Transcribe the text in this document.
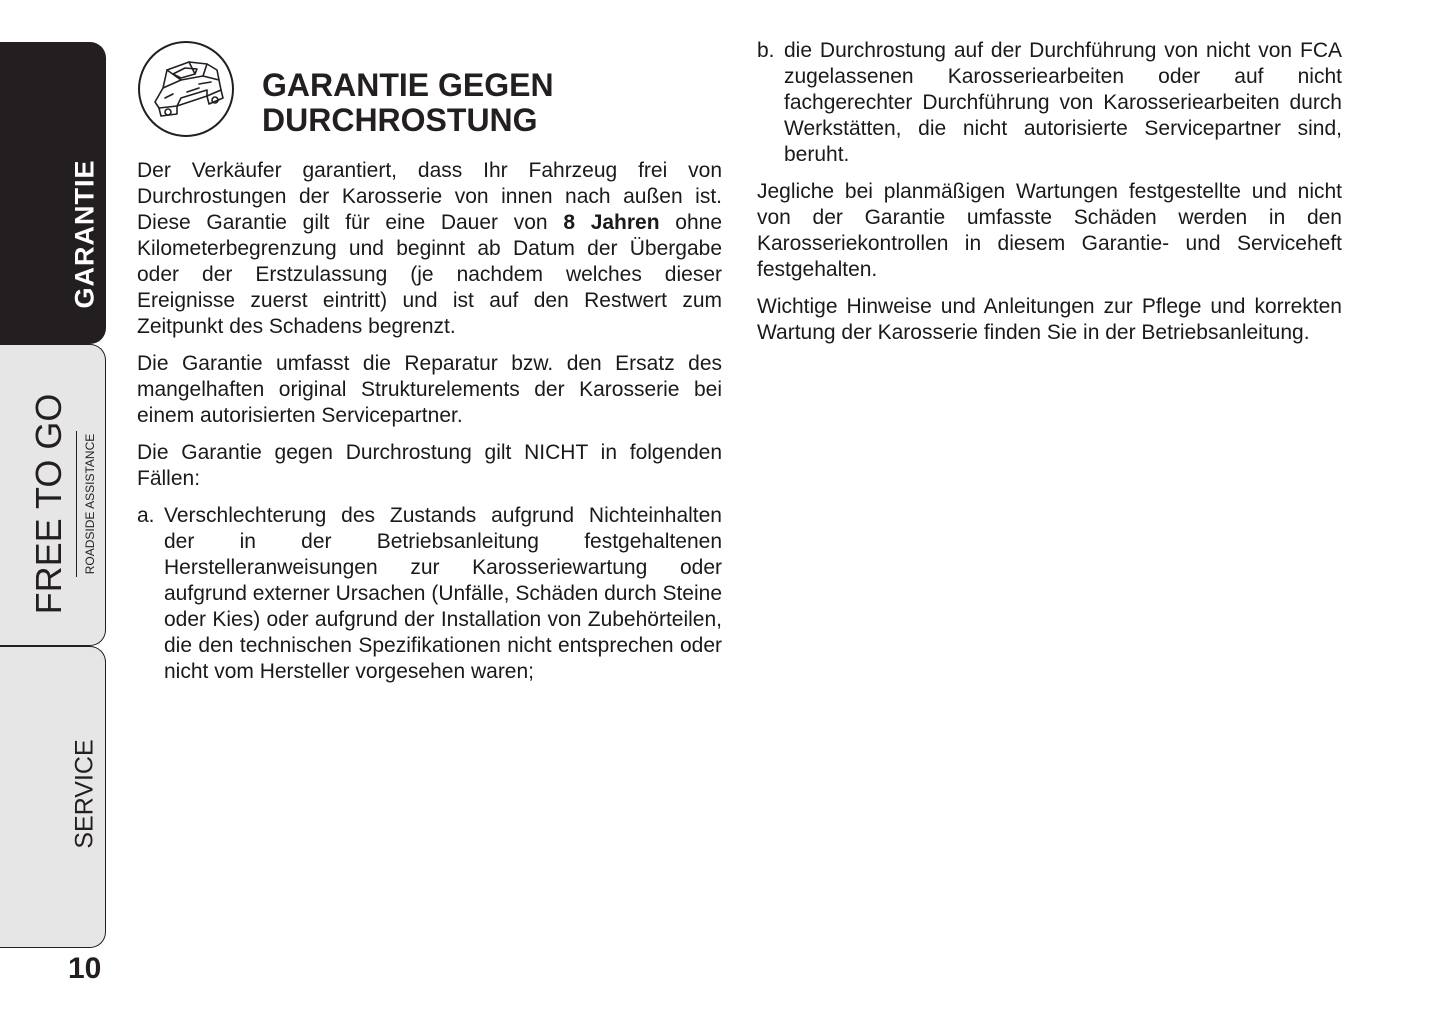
GARANTIE
FREE TO GO ROADSIDE ASSISTANCE
SERVICE
10
GARANTIE GEGEN
DURCHROSTUNG

Der Verkäufer garantiert, dass Ihr Fahrzeug frei von Durchrostungen der Karosserie von innen nach außen ist. Diese Garantie gilt für eine Dauer von 8 Jahren ohne Kilometerbegrenzung und beginnt ab Datum der Übergabe oder der Erstzulassung (je nachdem welches dieser Ereignisse zuerst eintritt) und ist auf den Restwert zum Zeitpunkt des Schadens begrenzt.

Die Garantie umfasst die Reparatur bzw. den Ersatz des mangelhaften original Strukturelements der Karosserie bei einem autorisierten Servicepartner.

Die Garantie gegen Durchrostung gilt NICHT in folgenden Fällen:

a. Verschlechterung des Zustands aufgrund Nichteinhalten der in der Betriebsanleitung festgehaltenen Herstelleranweisungen zur Karosseriewartung oder aufgrund externer Ursachen (Unfälle, Schäden durch Steine oder Kies) oder aufgrund der Installation von Zubehörteilen, die den technischen Spezifikationen nicht entsprechen oder nicht vom Hersteller vorgesehen waren;
b. die Durchrostung auf der Durchführung von nicht von FCA zugelassenen Karosseriearbeiten oder auf nicht fachgerechter Durchführung von Karosseriearbeiten durch Werkstätten, die nicht autorisierte Servicepartner sind, beruht.

Jegliche bei planmäßigen Wartungen festgestellte und nicht von der Garantie umfasste Schäden werden in den Karosseriekontrollen in diesem Garantie- und Serviceheft festgehalten.

Wichtige Hinweise und Anleitungen zur Pflege und korrekten Wartung der Karosserie finden Sie in der Betriebsanleitung.
